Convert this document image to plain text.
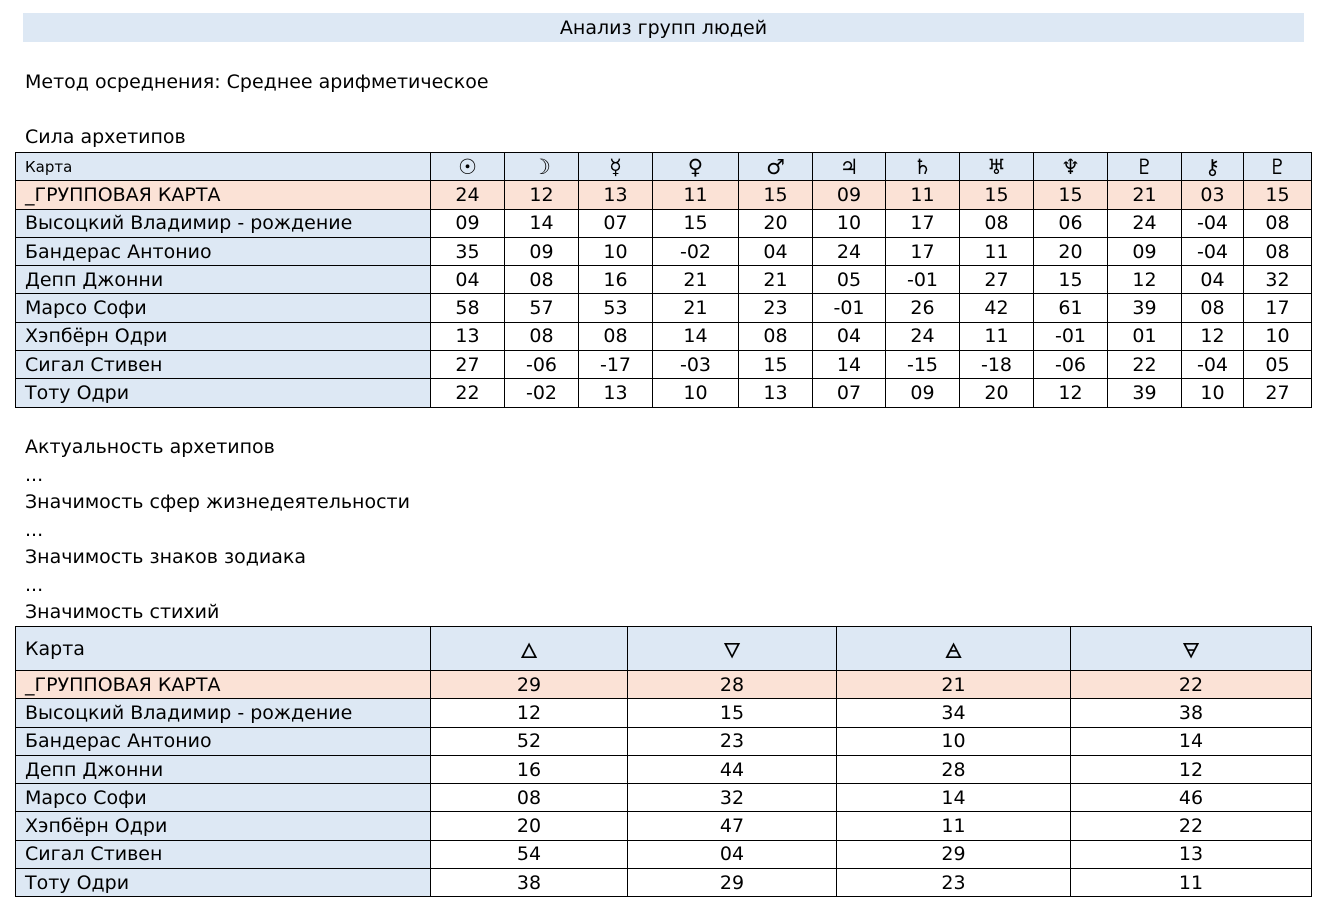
Анализ групп людей
Метод осреднения: Среднее арифметическое
Сила архетипов
Карта	☉	☽	☿	♀	♂	♃	♄	♅	♆	♇	⚷	♇
_ГРУППОВАЯ КАРТА	24	12	13	11	15	09	11	15	15	21	03	15
Высоцкий Владимир - рождение	09	14	07	15	20	10	17	08	06	24	-04	08
Бандерас Антонио	35	09	10	-02	04	24	17	11	20	09	-04	08
Депп Джонни	04	08	16	21	21	05	-01	27	15	12	04	32
Марсо Софи	58	57	53	21	23	-01	26	42	61	39	08	17
Хэпбёрн Одри	13	08	08	14	08	04	24	11	-01	01	12	10
Сигал Стивен	27	-06	-17	-03	15	14	-15	-18	-06	22	-04	05
Тоту Одри	22	-02	13	10	13	07	09	20	12	39	10	27
Актуальность архетипов
...
Значимость сфер жизнедеятельности
...
Значимость знаков зодиака
...
Значимость стихий
Карта	🜂	🜄	🜁	🜃
_ГРУППОВАЯ КАРТА	29	28	21	22
Высоцкий Владимир - рождение	12	15	34	38
Бандерас Антонио	52	23	10	14
Депп Джонни	16	44	28	12
Марсо Софи	08	32	14	46
Хэпбёрн Одри	20	47	11	22
Сигал Стивен	54	04	29	13
Тоту Одри	38	29	23	11
